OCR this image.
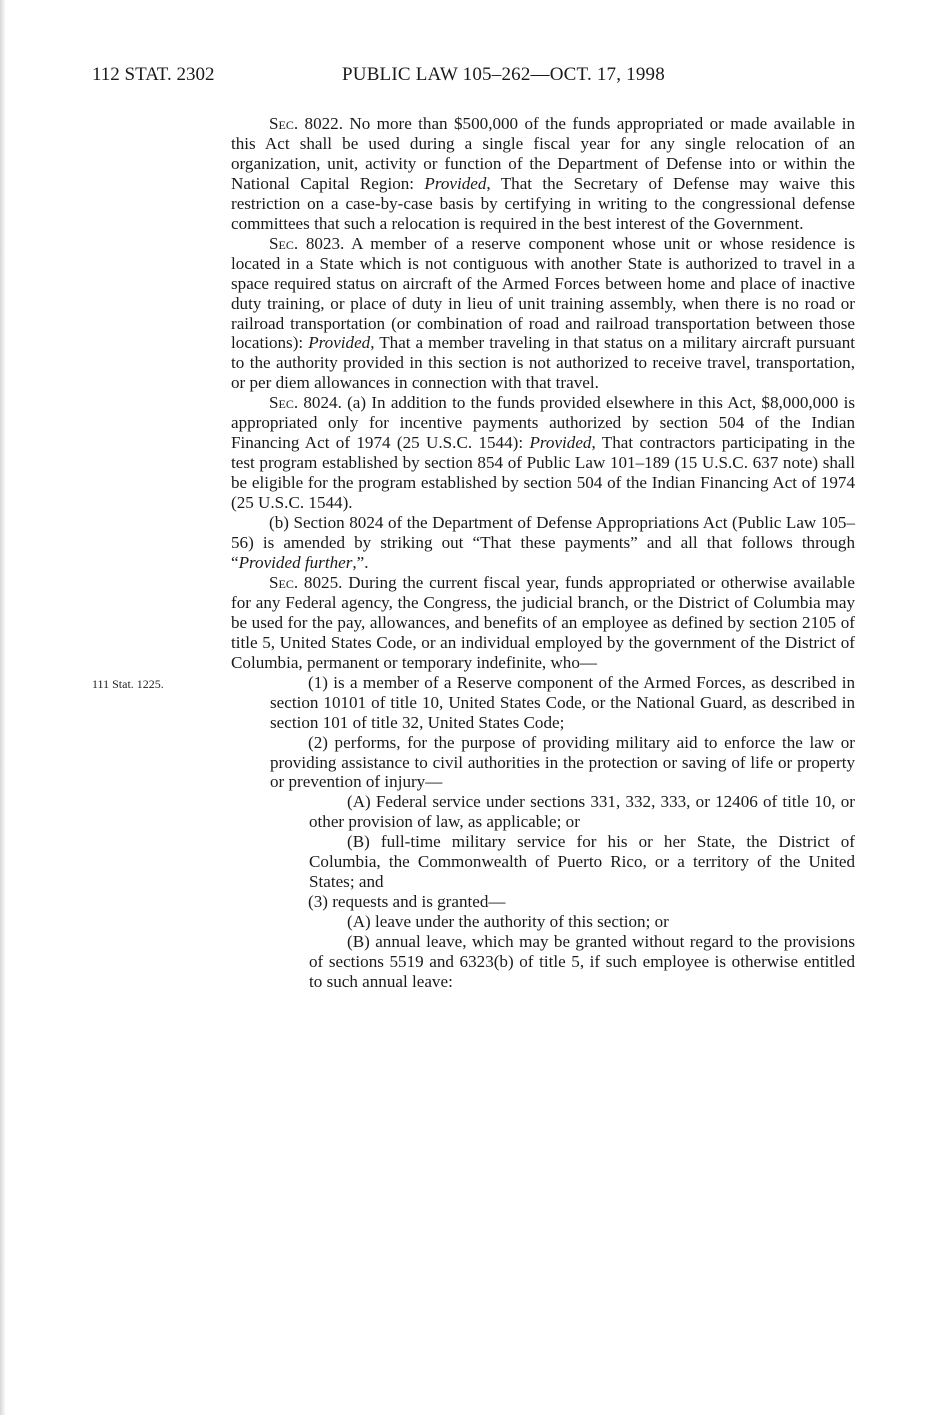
112 STAT. 2302	PUBLIC LAW 105–262—OCT. 17, 1998
111 Stat. 1225.

Sec. 8022. No more than $500,000 of the funds appropriated or made available in this Act shall be used during a single fiscal year for any single relocation of an organization, unit, activity or function of the Department of Defense into or within the National Capital Region: Provided, That the Secretary of Defense may waive this restriction on a case-by-case basis by certifying in writing to the congressional defense committees that such a relocation is required in the best interest of the Government.

Sec. 8023. A member of a reserve component whose unit or whose residence is located in a State which is not contiguous with another State is authorized to travel in a space required status on aircraft of the Armed Forces between home and place of inactive duty training, or place of duty in lieu of unit training assembly, when there is no road or railroad transportation (or combination of road and railroad transportation between those locations): Provided, That a member traveling in that status on a military aircraft pursuant to the authority provided in this section is not authorized to receive travel, transportation, or per diem allowances in connection with that travel.

Sec. 8024. (a) In addition to the funds provided elsewhere in this Act, $8,000,000 is appropriated only for incentive payments authorized by section 504 of the Indian Financing Act of 1974 (25 U.S.C. 1544): Provided, That contractors participating in the test program established by section 854 of Public Law 101–189 (15 U.S.C. 637 note) shall be eligible for the program established by section 504 of the Indian Financing Act of 1974 (25 U.S.C. 1544).

(b) Section 8024 of the Department of Defense Appropriations Act (Public Law 105–56) is amended by striking out “That these payments” and all that follows through “Provided further,”.

Sec. 8025. During the current fiscal year, funds appropriated or otherwise available for any Federal agency, the Congress, the judicial branch, or the District of Columbia may be used for the pay, allowances, and benefits of an employee as defined by section 2105 of title 5, United States Code, or an individual employed by the government of the District of Columbia, permanent or temporary indefinite, who—

(1) is a member of a Reserve component of the Armed Forces, as described in section 10101 of title 10, United States Code, or the National Guard, as described in section 101 of title 32, United States Code;

(2) performs, for the purpose of providing military aid to enforce the law or providing assistance to civil authorities in the protection or saving of life or property or prevention of injury—

(A) Federal service under sections 331, 332, 333, or 12406 of title 10, or other provision of law, as applicable; or

(B) full-time military service for his or her State, the District of Columbia, the Commonwealth of Puerto Rico, or a territory of the United States; and

(3) requests and is granted—

(A) leave under the authority of this section; or

(B) annual leave, which may be granted without regard to the provisions of sections 5519 and 6323(b) of title 5, if such employee is otherwise entitled to such annual leave:
